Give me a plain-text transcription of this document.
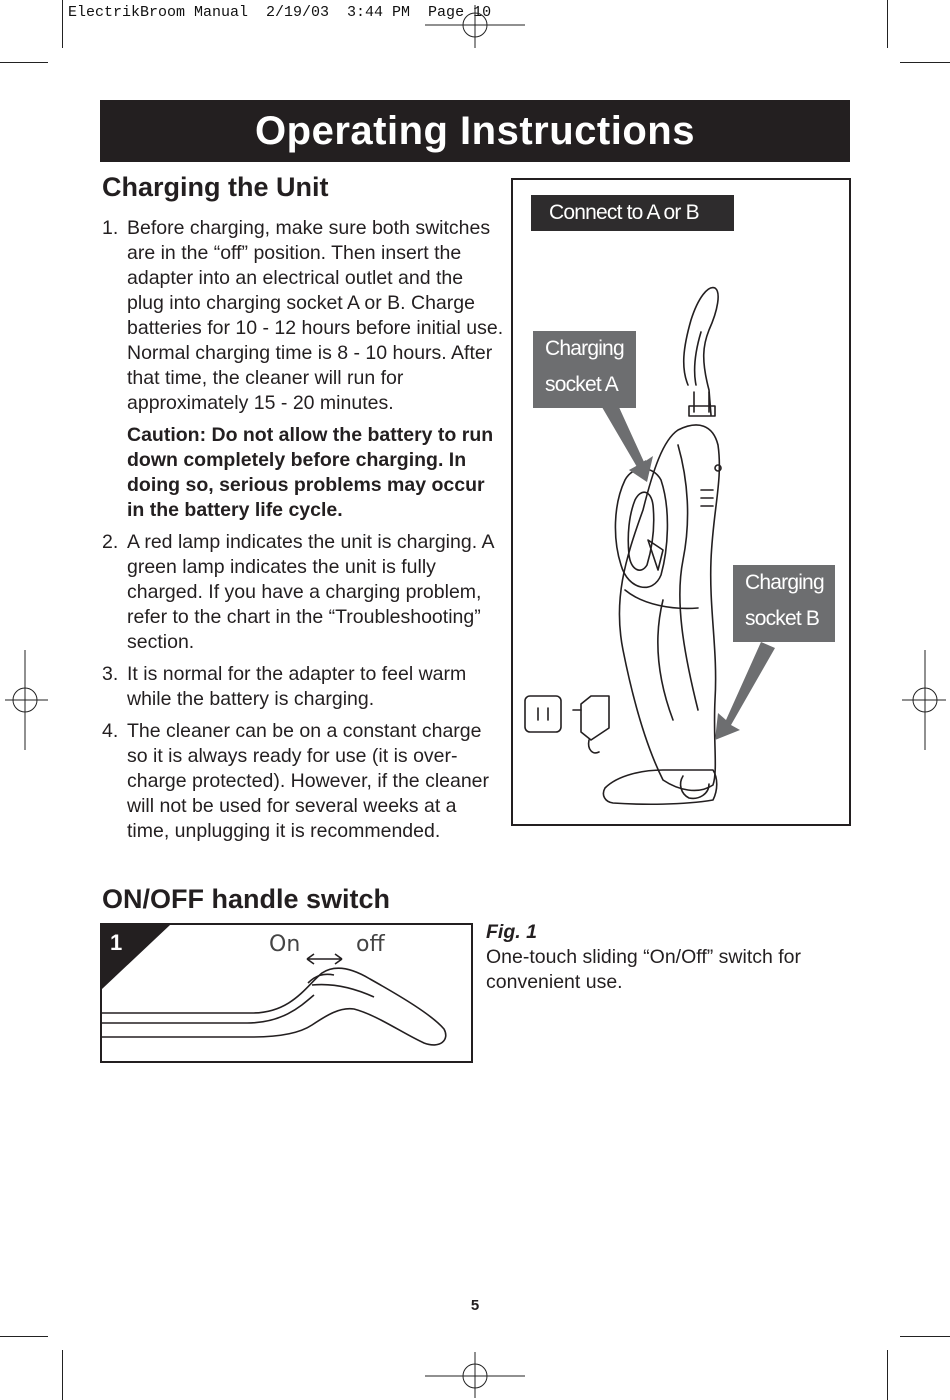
ElectrikBroom Manual  2/19/03  3:44 PM  Page 10
Operating Instructions
Charging the Unit
1. Before charging, make sure both switches are in the “off” position. Then insert the adapter into an electrical outlet and the plug into charging socket A or B. Charge batteries for 10 - 12 hours before initial use. Normal charging time is 8 - 10 hours. After that time, the cleaner will run for approximately 15 - 20 minutes.
Caution: Do not allow the battery to run down completely before charging. In doing so, serious problems may occur in the battery life cycle.
2. A red lamp indicates the unit is charging. A green lamp indicates the unit is fully charged. If you have a charging problem, refer to the chart in the “Troubleshooting” section.
3. It is normal for the adapter to feel warm while the battery is charging.
4. The cleaner can be on a constant charge so it is always ready for use (it is over-charge protected). However, if the cleaner will not be used for several weeks at a time, unplugging it is recommended.
Connect to A or B
Charging
socket A
Charging
socket B
ON/OFF handle switch
1	On	off	Fig. 1
One-touch sliding “On/Off” switch for convenient use.
5
